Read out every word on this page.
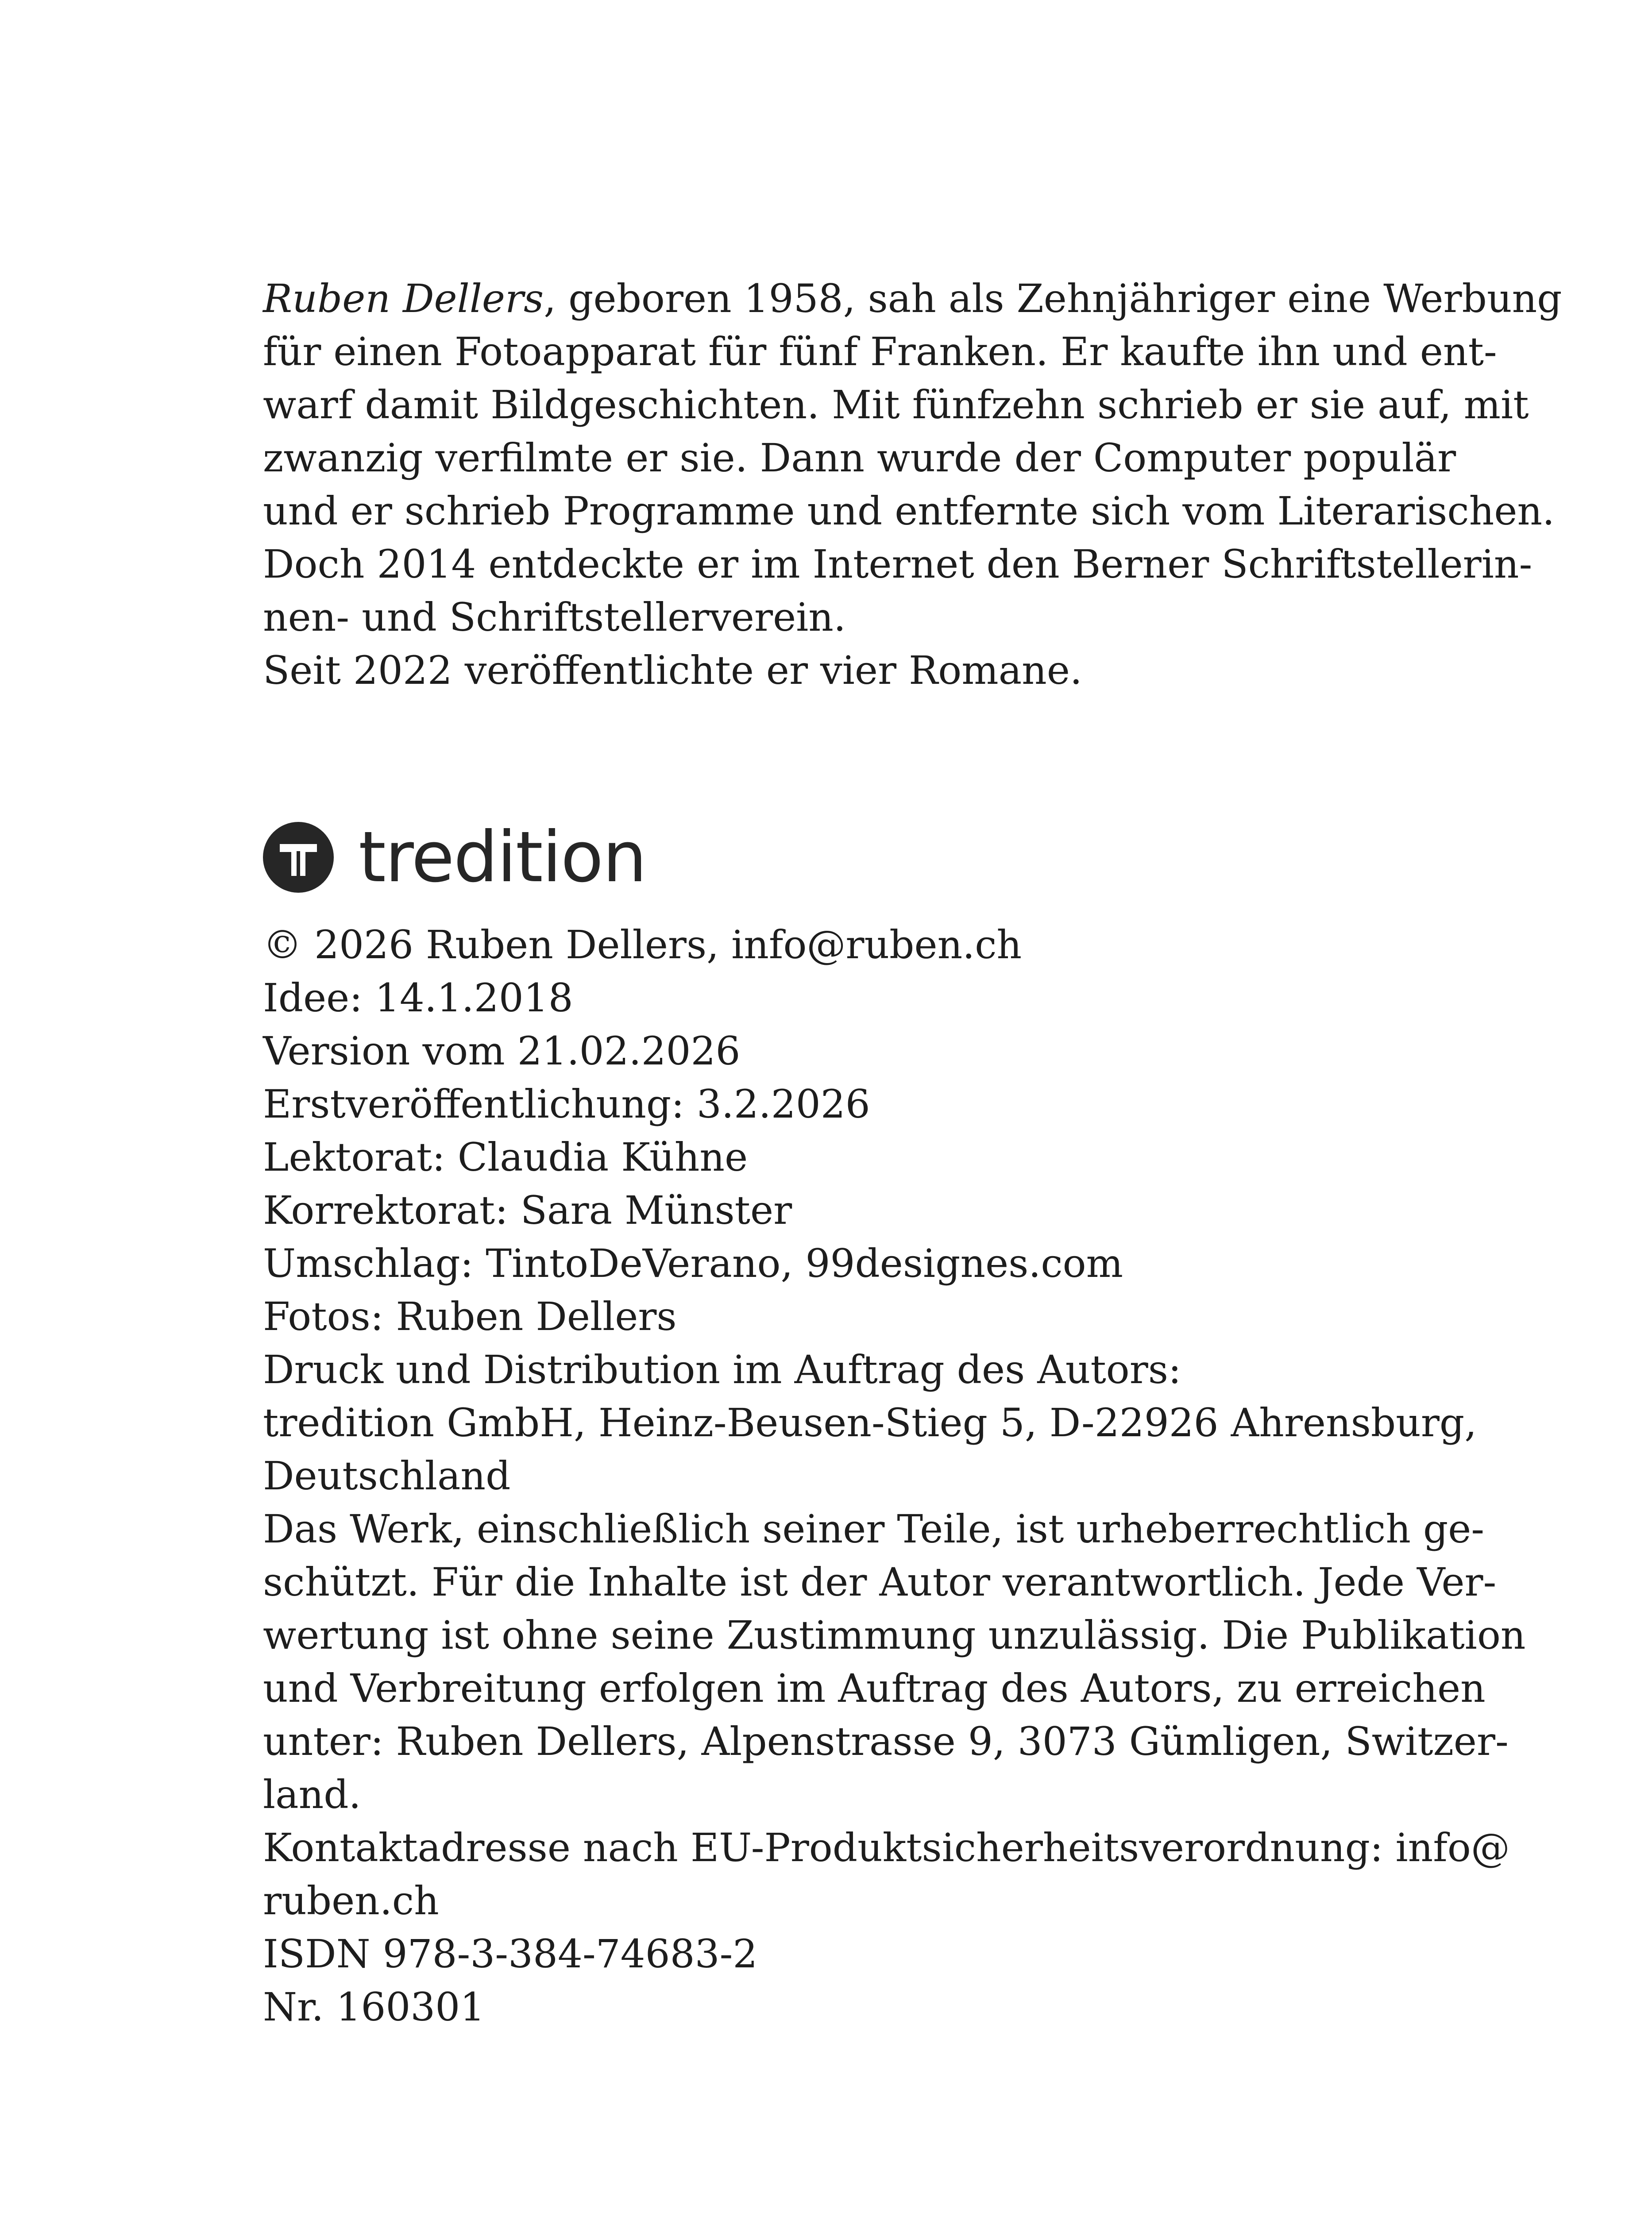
Ruben Dellers, geboren 1958, sah als Zehnjähriger eine Werbung
für einen Fotoapparat für fünf Franken. Er kaufte ihn und ent-
warf damit Bildgeschichten. Mit fünfzehn schrieb er sie auf, mit
zwanzig verfilmte er sie. Dann wurde der Computer populär
und er schrieb Programme und entfernte sich vom Literarischen.
Doch 2014 entdeckte er im Internet den Berner Schriftstellerin-
nen- und Schriftstellerverein.
Seit 2022 veröffentlichte er vier Romane.
tredition
© 2026 Ruben Dellers, info@ruben.ch
Idee: 14.1.2018
Version vom 21.02.2026
Erstveröffentlichung: 3.2.2026
Lektorat: Claudia Kühne
Korrektorat: Sara Münster
Umschlag: TintoDeVerano, 99designes.com
Fotos: Ruben Dellers
Druck und Distribution im Auftrag des Autors:
tredition GmbH, Heinz-Beusen-Stieg 5, D-22926 Ahrensburg,
Deutschland
Das Werk, einschließlich seiner Teile, ist urheberrechtlich ge-
schützt. Für die Inhalte ist der Autor verantwortlich. Jede Ver-
wertung ist ohne seine Zustimmung unzulässig. Die Publikation
und Verbreitung erfolgen im Auftrag des Autors, zu erreichen
unter: Ruben Dellers, Alpenstrasse 9, 3073 Gümligen, Switzer-
land.
Kontaktadresse nach EU-Produktsicherheitsverordnung: info@
ruben.ch
ISDN 978-3-384-74683-2
Nr. 160301
